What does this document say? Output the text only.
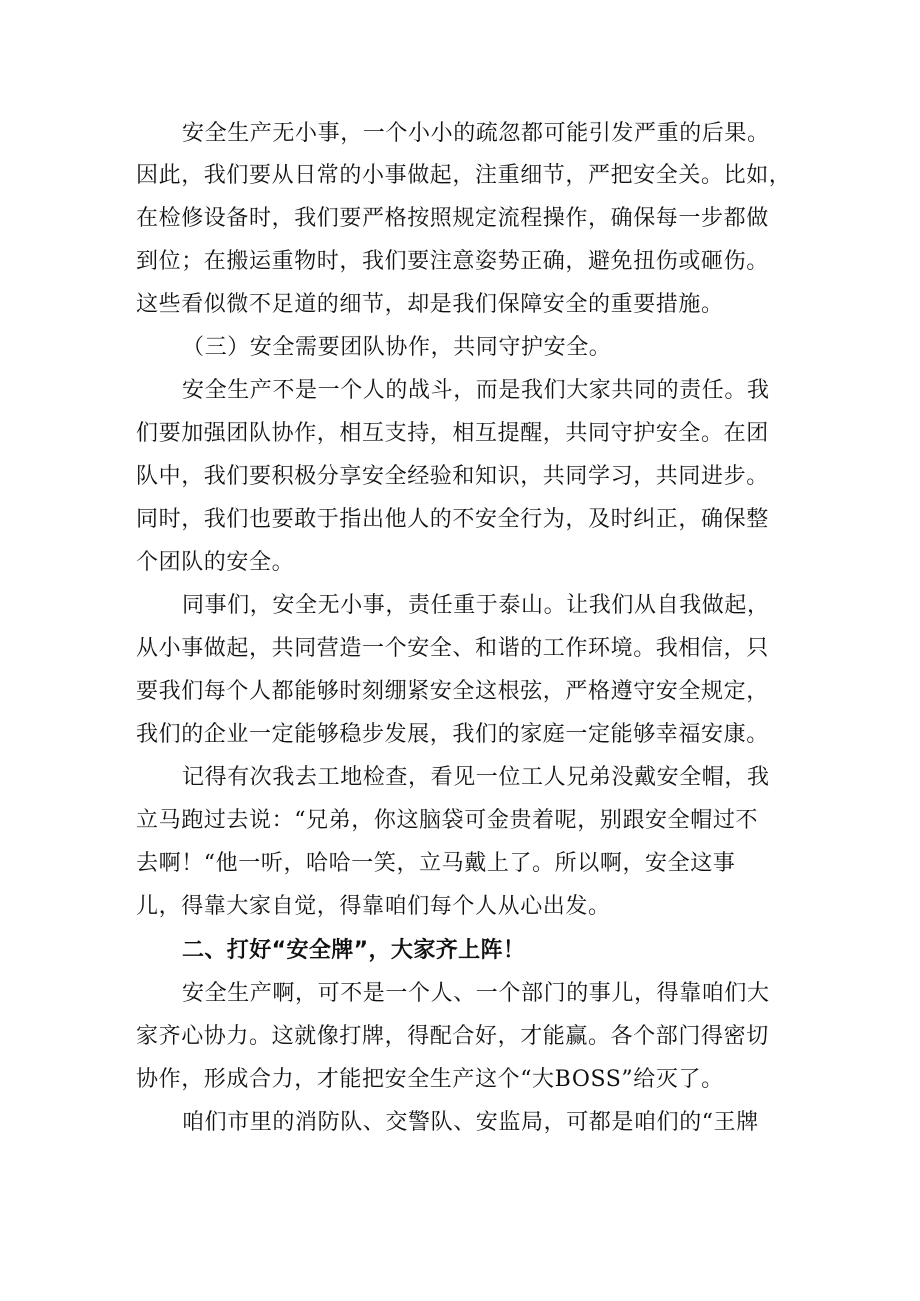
安全生产无小事，一个小小的疏忽都可能引发严重的后果。
因此，我们要从日常的小事做起，注重细节，严把安全关。比如，
在检修设备时，我们要严格按照规定流程操作，确保每一步都做
到位；在搬运重物时，我们要注意姿势正确，避免扭伤或砸伤。
这些看似微不足道的细节，却是我们保障安全的重要措施。
（三）安全需要团队协作，共同守护安全。
安全生产不是一个人的战斗，而是我们大家共同的责任。我
们要加强团队协作，相互支持，相互提醒，共同守护安全。在团
队中，我们要积极分享安全经验和知识，共同学习，共同进步。
同时，我们也要敢于指出他人的不安全行为，及时纠正，确保整
个团队的安全。
同事们，安全无小事，责任重于泰山。让我们从自我做起，
从小事做起，共同营造一个安全、和谐的工作环境。我相信，只
要我们每个人都能够时刻绷紧安全这根弦，严格遵守安全规定，
我们的企业一定能够稳步发展，我们的家庭一定能够幸福安康。
记得有次我去工地检查，看见一位工人兄弟没戴安全帽，我
立马跑过去说：“兄弟，你这脑袋可金贵着呢，别跟安全帽过不
去啊！“他一听，哈哈一笑，立马戴上了。所以啊，安全这事
儿，得靠大家自觉，得靠咱们每个人从心出发。
二、打好“安全牌”，大家齐上阵！
安全生产啊，可不是一个人、一个部门的事儿，得靠咱们大
家齐心协力。这就像打牌，得配合好，才能赢。各个部门得密切
协作，形成合力，才能把安全生产这个“大BOSS”给灭了。
咱们市里的消防队、交警队、安监局，可都是咱们的“王牌
